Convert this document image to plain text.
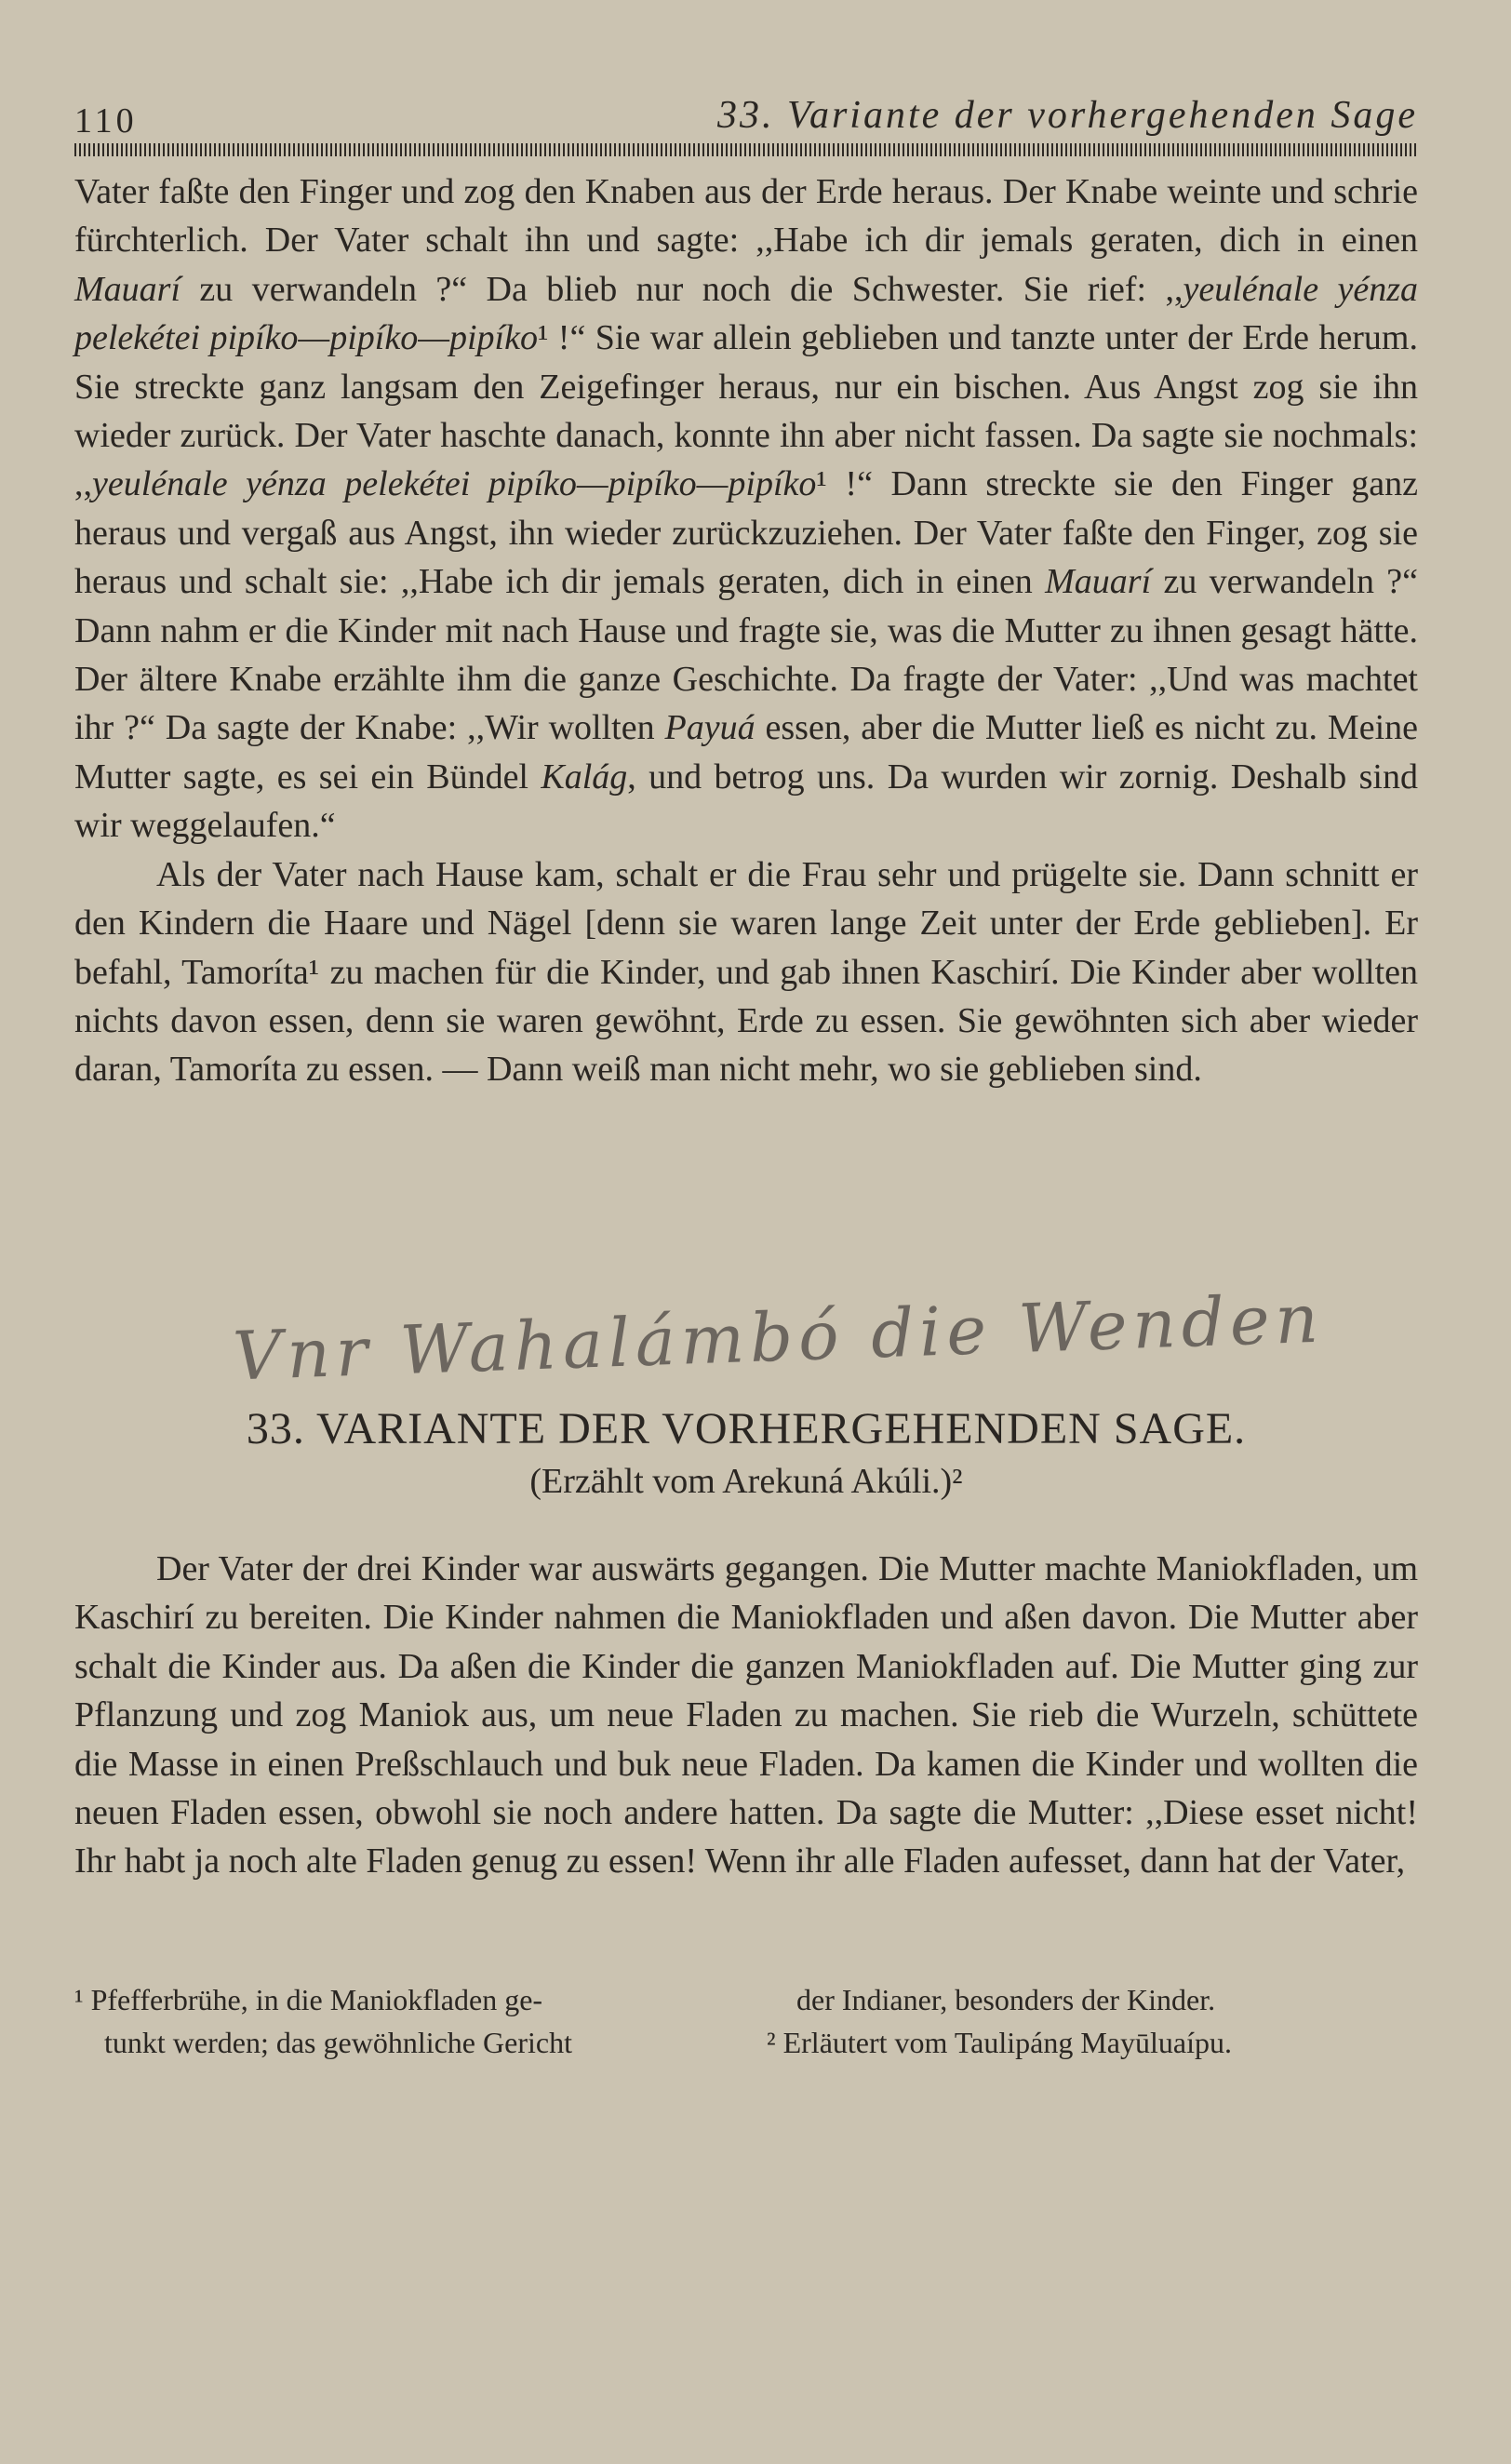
110	33. Variante der vorhergehenden Sage

Vater faßte den Finger und zog den Knaben aus der Erde heraus. Der Knabe weinte und schrie fürchterlich. Der Vater schalt ihn und sagte: ,,Habe ich dir jemals geraten, dich in einen Mauarí zu verwandeln ?“ Da blieb nur noch die Schwester. Sie rief: ,,yeulénale yénza pelekétei pipíko—pipíko—pipíko¹ !“ Sie war allein geblieben und tanzte unter der Erde herum. Sie streckte ganz langsam den Zeigefinger heraus, nur ein bischen. Aus Angst zog sie ihn wieder zurück. Der Vater haschte danach, konnte ihn aber nicht fassen. Da sagte sie nochmals: ,,yeulénale yénza pelekétei pipíko—pipíko—pipíko¹ !“ Dann streckte sie den Finger ganz heraus und vergaß aus Angst, ihn wieder zurückzuziehen. Der Vater faßte den Finger, zog sie heraus und schalt sie: ,,Habe ich dir jemals geraten, dich in einen Mauarí zu verwandeln ?“ Dann nahm er die Kinder mit nach Hause und fragte sie, was die Mutter zu ihnen gesagt hätte. Der ältere Knabe erzählte ihm die ganze Geschichte. Da fragte der Vater: ,,Und was machtet ihr ?“ Da sagte der Knabe: ,,Wir wollten Payuá essen, aber die Mutter ließ es nicht zu. Meine Mutter sagte, es sei ein Bündel Kalág, und betrog uns. Da wurden wir zornig. Deshalb sind wir weggelaufen.“

Als der Vater nach Hause kam, schalt er die Frau sehr und prügelte sie. Dann schnitt er den Kindern die Haare und Nägel [denn sie waren lange Zeit unter der Erde geblieben]. Er befahl, Tamoríta¹ zu machen für die Kinder, und gab ihnen Kaschirí. Die Kinder aber wollten nichts davon essen, denn sie waren gewöhnt, Erde zu essen. Sie gewöhnten sich aber wieder daran, Tamoríta zu essen. — Dann weiß man nicht mehr, wo sie geblieben sind.

Vnr Wahalámbó die Wenden
33. VARIANTE DER VORHERGEHENDEN SAGE.
(Erzählt vom Arekuná Akúli.)²

Der Vater der drei Kinder war auswärts gegangen. Die Mutter machte Maniokfladen, um Kaschirí zu bereiten. Die Kinder nahmen die Maniokfladen und aßen davon. Die Mutter aber schalt die Kinder aus. Da aßen die Kinder die ganzen Maniokfladen auf. Die Mutter ging zur Pflanzung und zog Maniok aus, um neue Fladen zu machen. Sie rieb die Wurzeln, schüttete die Masse in einen Preßschlauch und buk neue Fladen. Da kamen die Kinder und wollten die neuen Fladen essen, obwohl sie noch andere hatten. Da sagte die Mutter: ,,Diese esset nicht! Ihr habt ja noch alte Fladen genug zu essen! Wenn ihr alle Fladen aufesset, dann hat der Vater,

¹ Pfefferbrühe, in die Maniokfladen ge-

tunkt werden; das gewöhnliche Gericht

der Indianer, besonders der Kinder.

² Erläutert vom Taulipáng Mayūluaípu.
